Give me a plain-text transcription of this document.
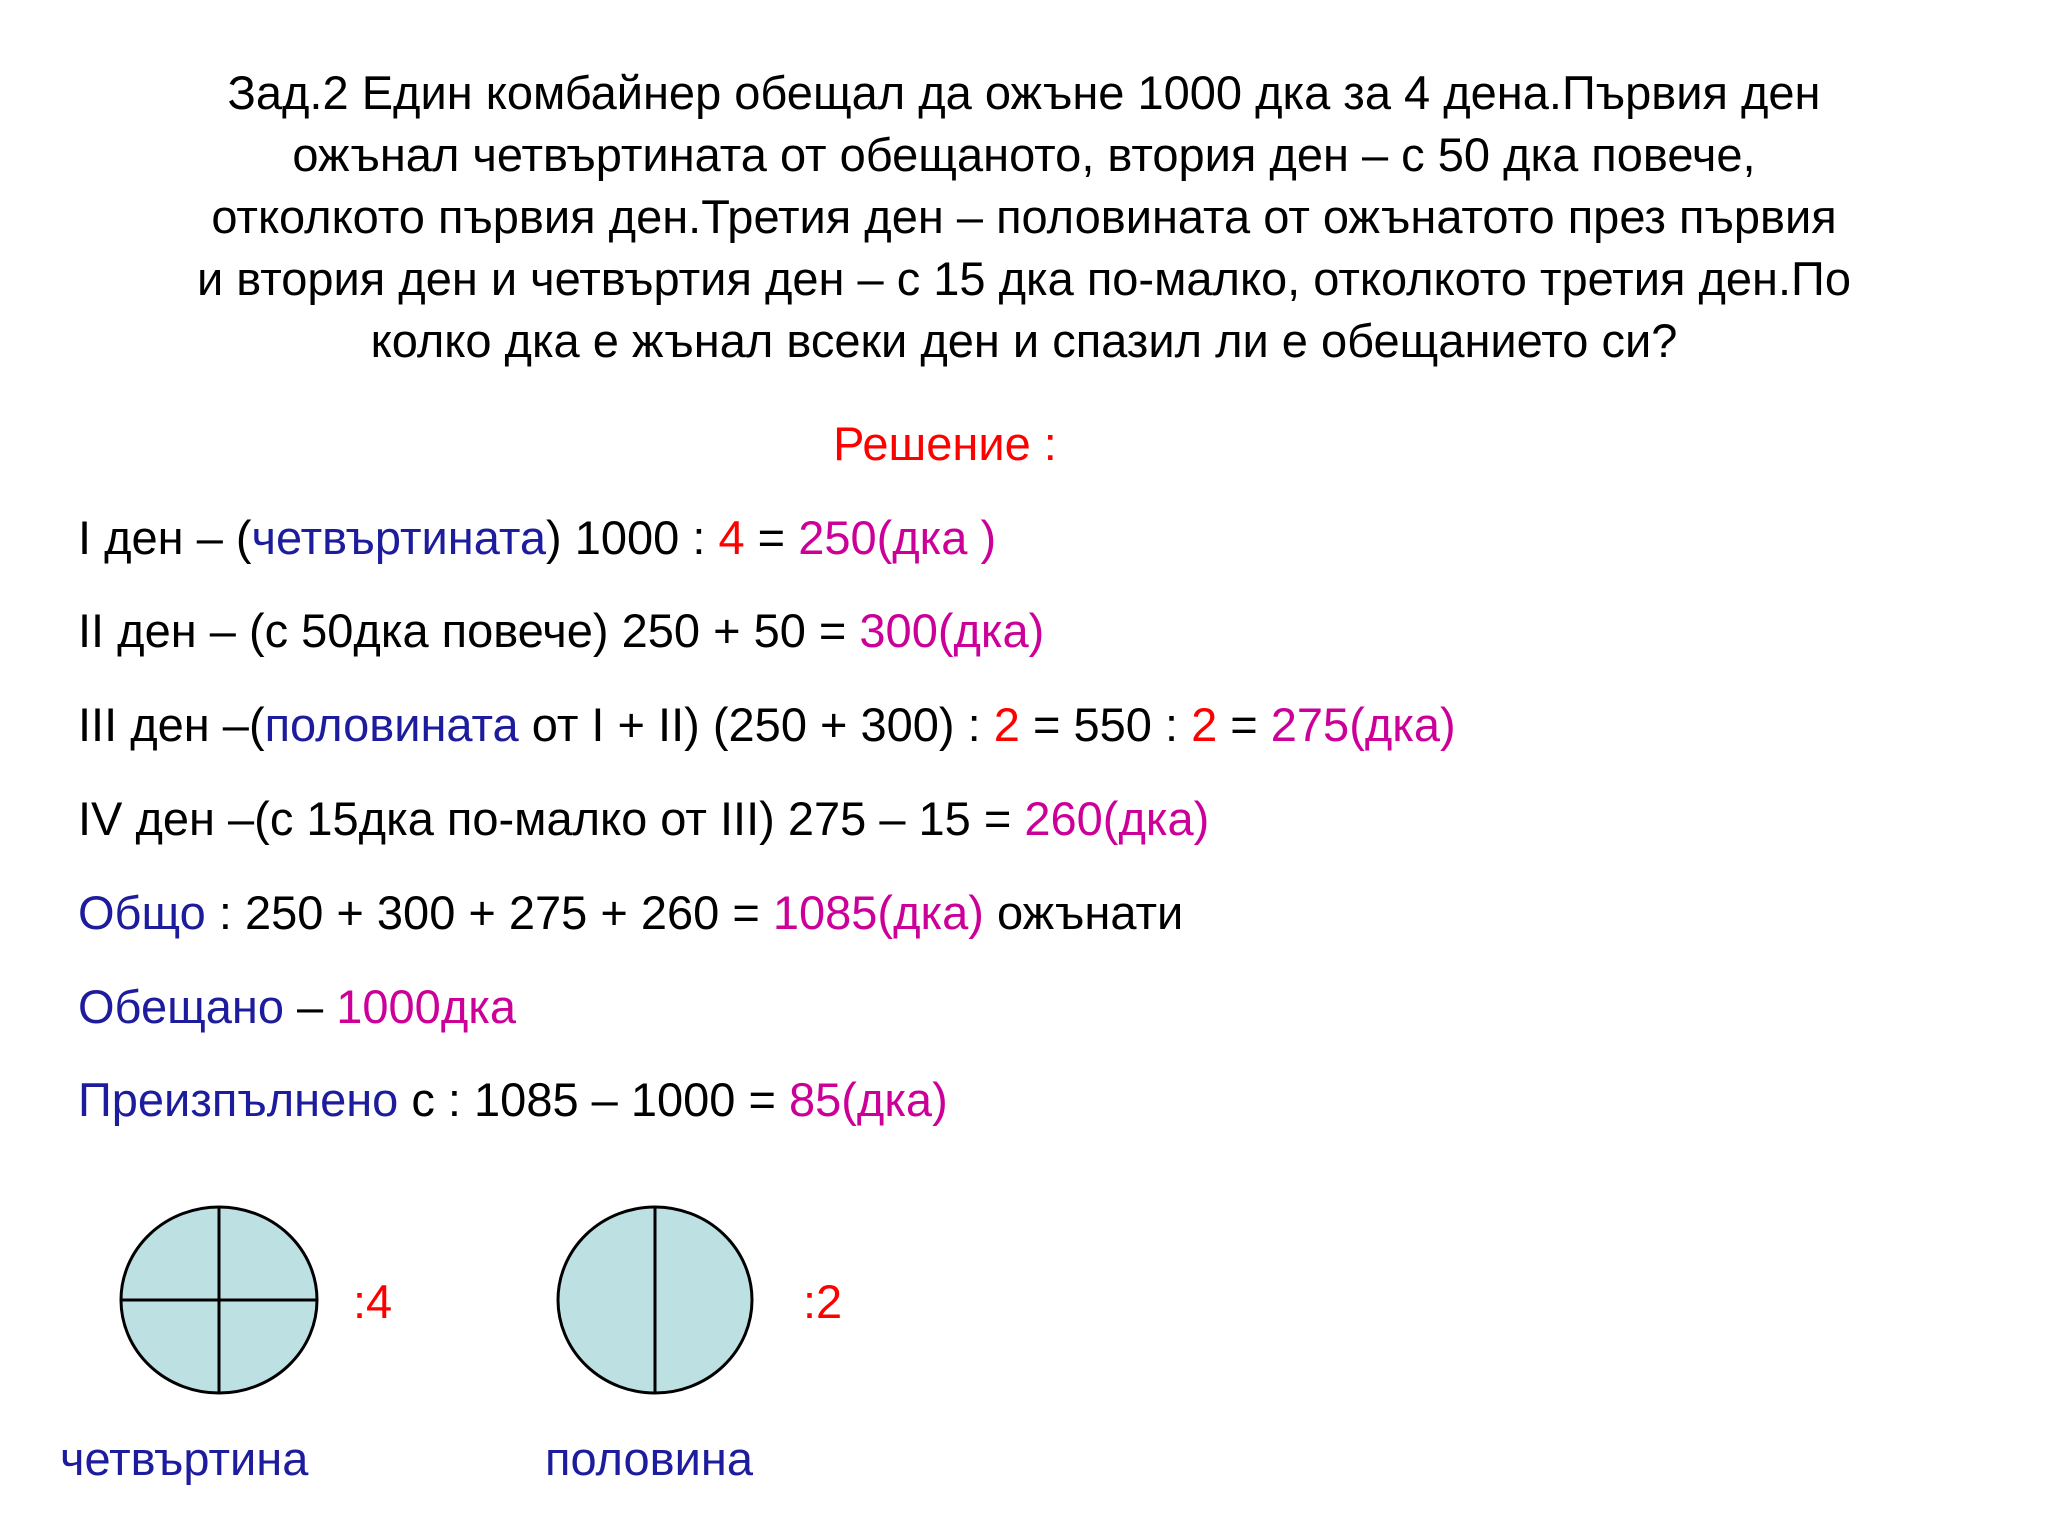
Зад.2 Един комбайнер обещал да ожъне 1000 дка за 4 дена.Първия ден
ожънал четвъртината от обещаното, втория ден – с 50 дка повече,
отколкото първия ден.Третия ден – половината от ожънатото през първия
и втория ден и четвъртия ден – с 15 дка по-малко, отколкото третия ден.По
колко дка е жънал всеки ден и спазил ли е обещанието си?
Решение :
I ден – (четвъртината) 1000 : 4 = 250(дка )
II ден – (с 50дка повече) 250 + 50 = 300(дка)
III ден –(половината от I + II) (250 + 300) : 2 = 550 : 2 = 275(дка)
IV ден –(с 15дка по-малко от III) 275 – 15 = 260(дка)
Общо : 250 + 300 + 275 + 260 = 1085(дка) ожънати
Обещано – 1000дка
Преизпълнено с : 1085 – 1000 = 85(дка)
:4
четвъртина
:2
половина
